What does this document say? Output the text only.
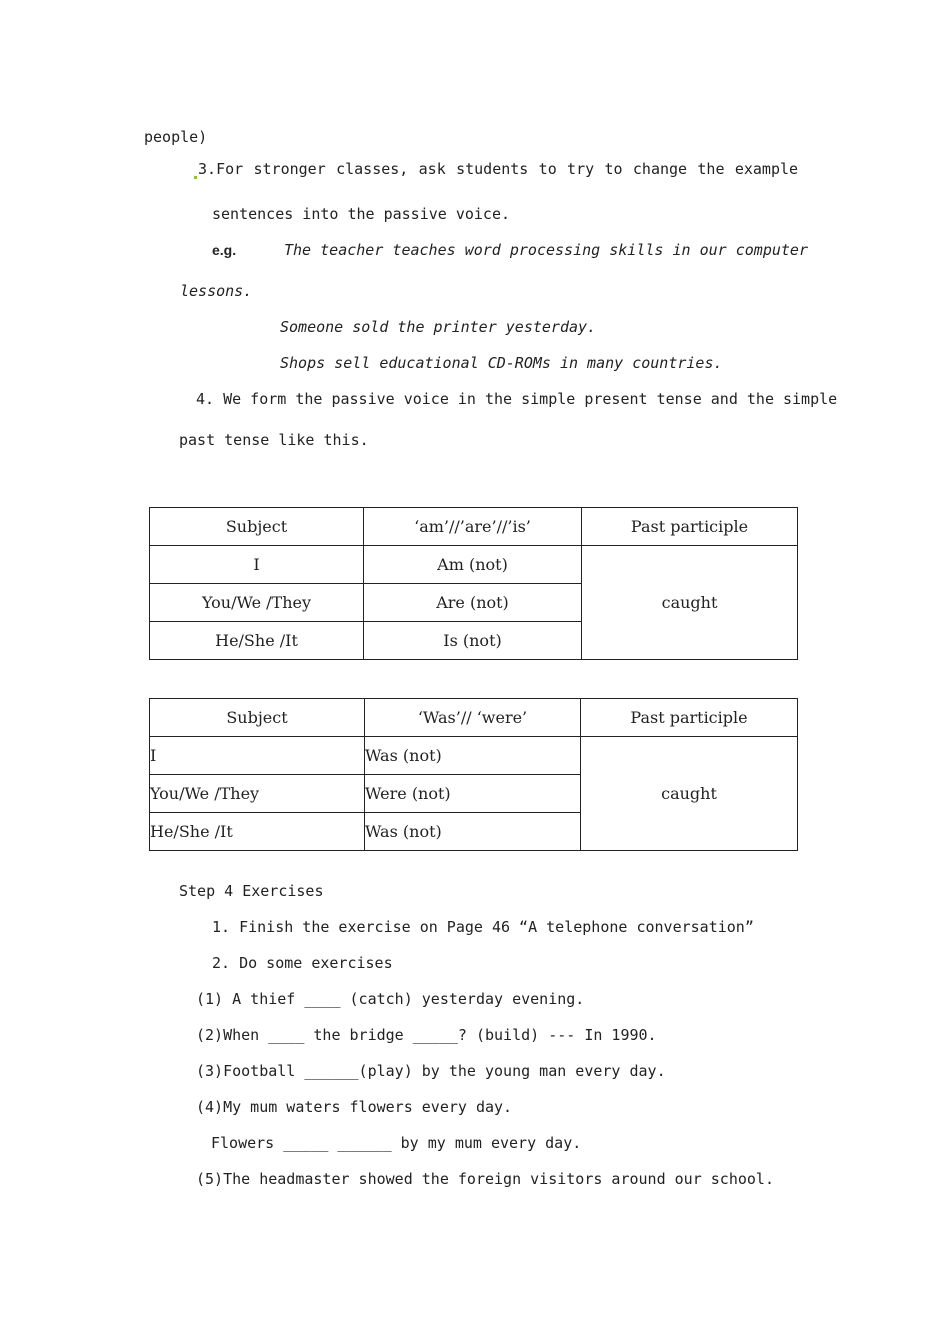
people)
3.For stronger classes, ask students to try to change the example
sentences into the passive voice.
e.g.	The teacher teaches word processing skills in our computer
lessons.
Someone sold the printer yesterday.
Shops sell educational CD-ROMs in many countries.
4. We form the passive voice in the simple present tense and the simple
past tense like this.
Subject	‘am’//’are’//’is’	Past participle
I	Am (not)	caught
You/We /They	Are (not)	
He/She /It	Is (not)	
Subject	‘Was’// ‘were’	Past participle
I	Was (not)	caught
You/We /They	Were (not)	
He/She /It	Was (not)	
Step 4 Exercises
1. Finish the exercise on Page 46 “A telephone conversation”
2. Do some exercises
(1) A thief ____ (catch) yesterday evening.
(2)When ____ the bridge _____? (build) --- In 1990.
(3)Football ______(play) by the young man every day.
(4)My mum waters flowers every day.
Flowers _____ ______ by my mum every day.
(5)The headmaster showed the foreign visitors around our school.
